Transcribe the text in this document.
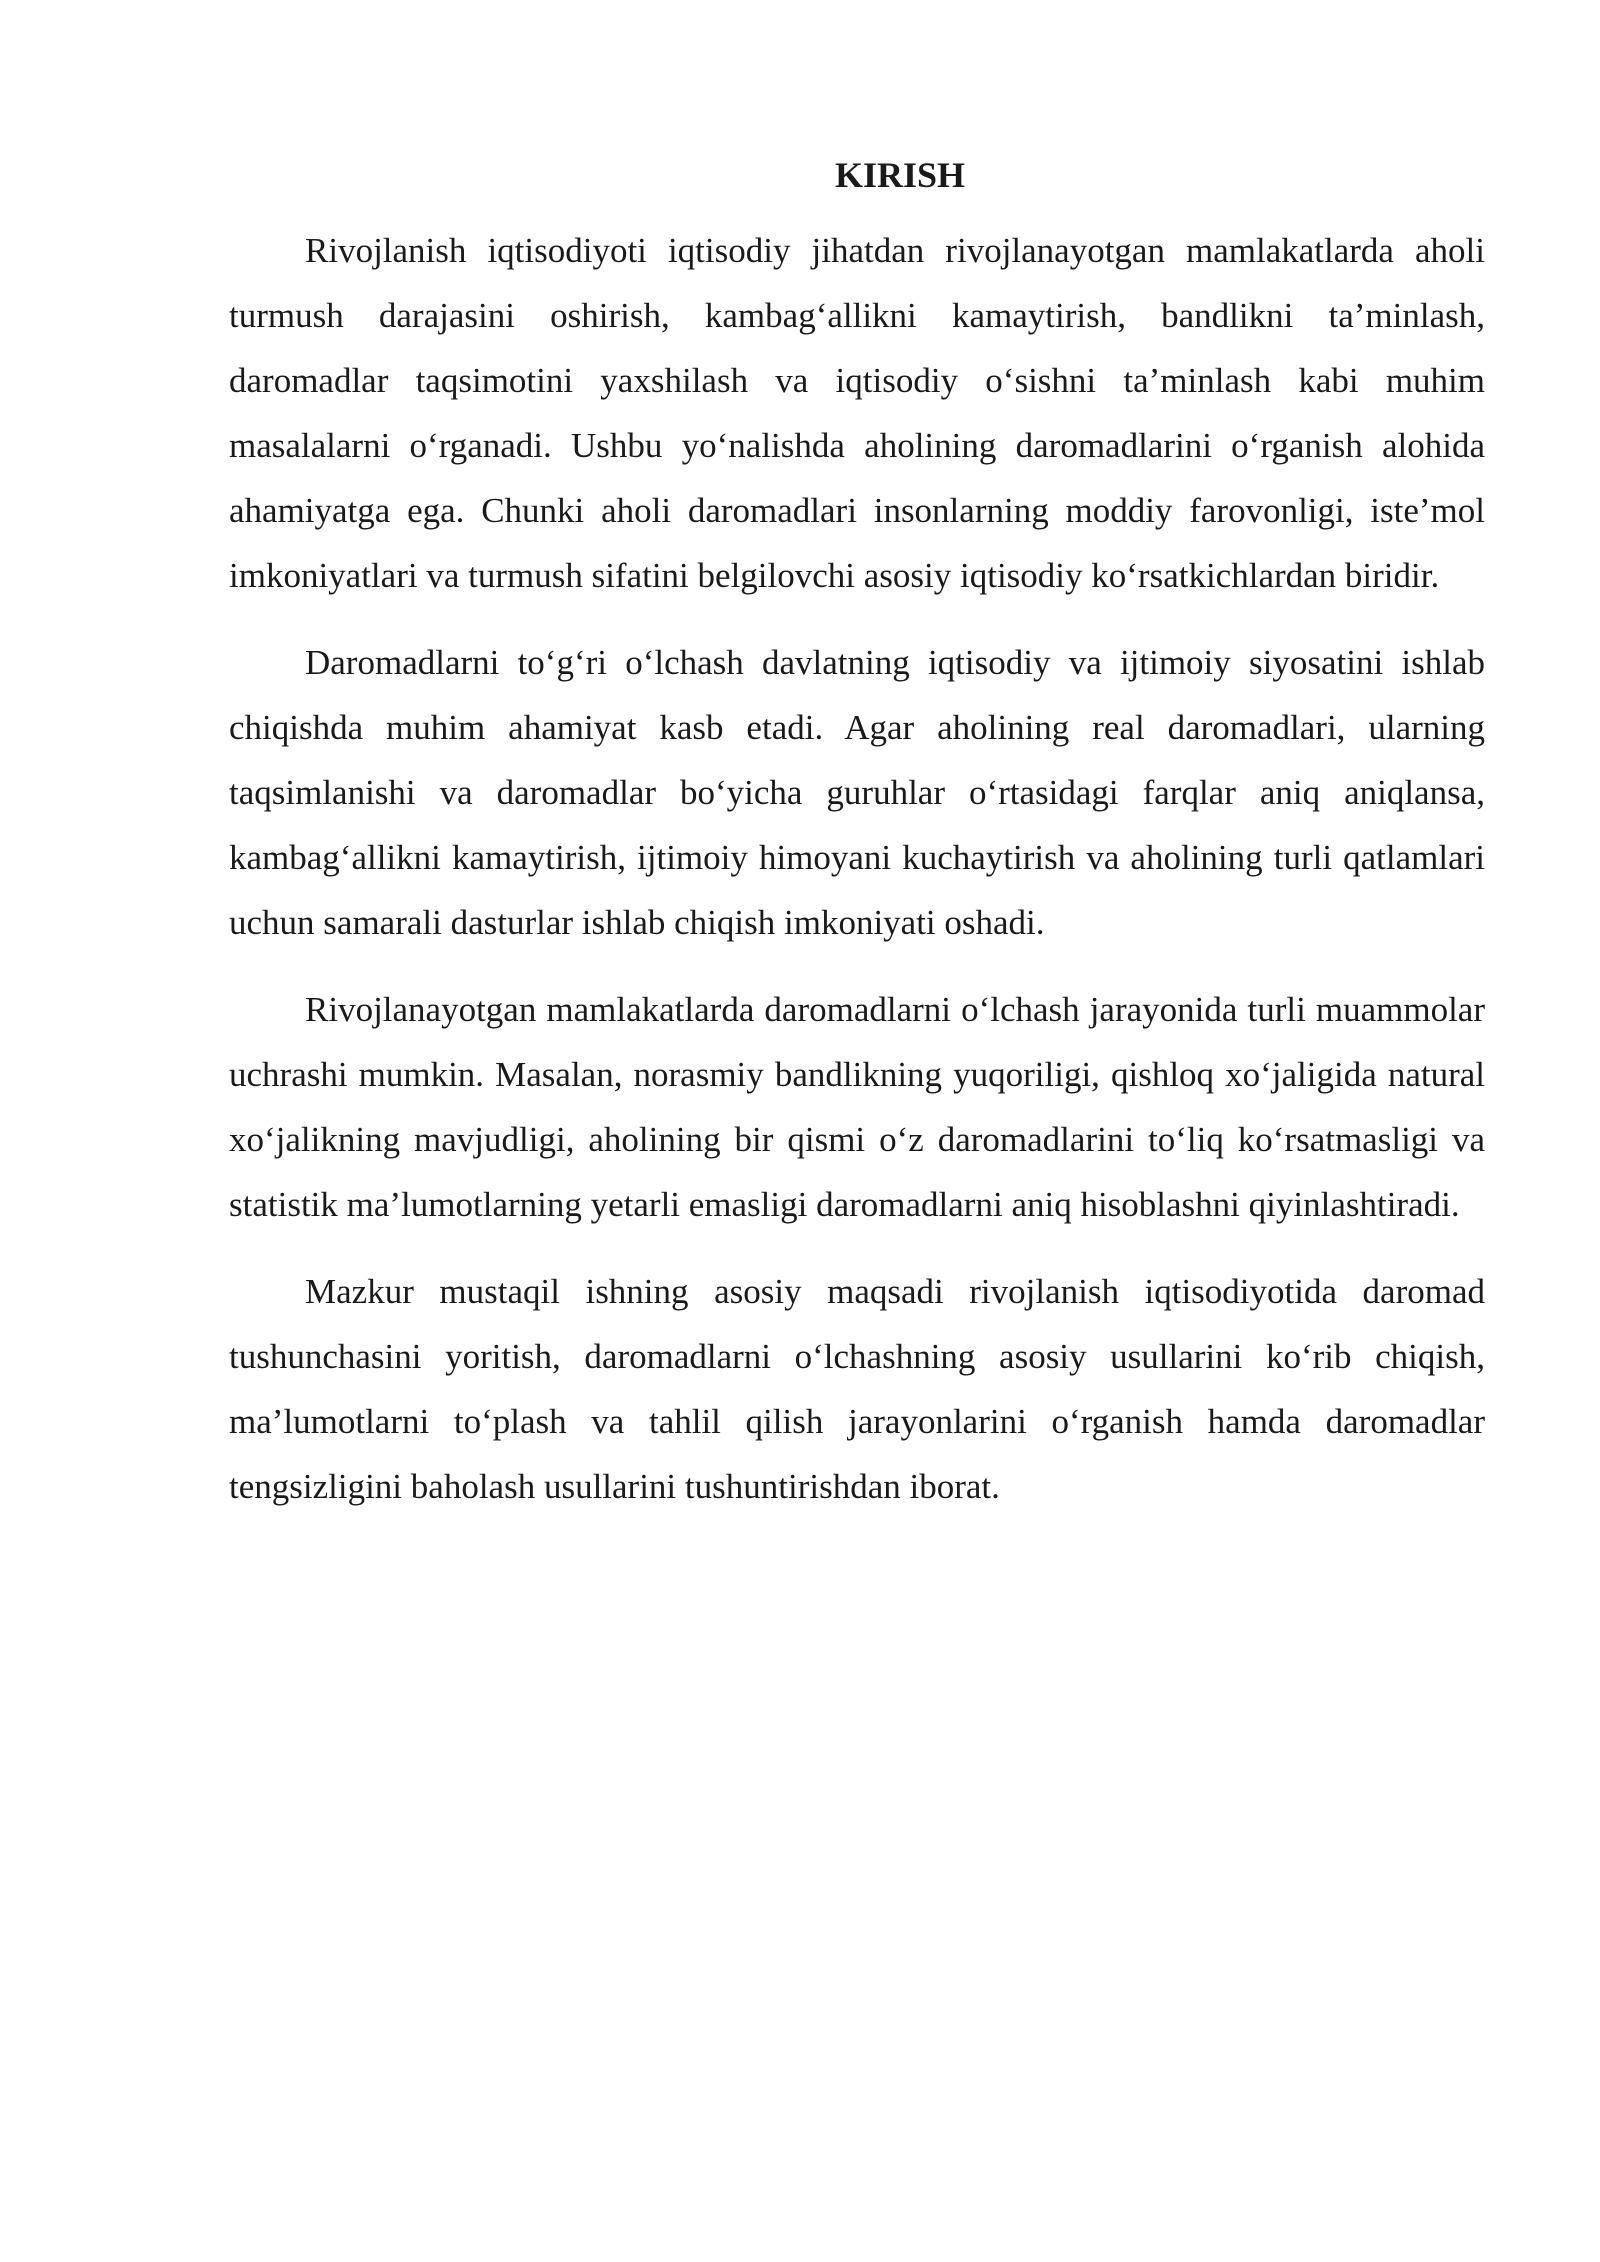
KIRISH

Rivojlanish iqtisodiyoti iqtisodiy jihatdan rivojlanayotgan mamlakatlarda aholi turmush darajasini oshirish, kambag‘allikni kamaytirish, bandlikni ta’minlash, daromadlar taqsimotini yaxshilash va iqtisodiy o‘sishni ta’minlash kabi muhim masalalarni o‘rganadi. Ushbu yo‘nalishda aholining daromadlarini o‘rganish alohida ahamiyatga ega. Chunki aholi daromadlari insonlarning moddiy farovonligi, iste’mol imkoniyatlari va turmush sifatini belgilovchi asosiy iqtisodiy ko‘rsatkichlardan biridir.

Daromadlarni to‘g‘ri o‘lchash davlatning iqtisodiy va ijtimoiy siyosatini ishlab chiqishda muhim ahamiyat kasb etadi. Agar aholining real daromadlari, ularning taqsimlanishi va daromadlar bo‘yicha guruhlar o‘rtasidagi farqlar aniq aniqlansa, kambag‘allikni kamaytirish, ijtimoiy himoyani kuchaytirish va aholining turli qatlamlari uchun samarali dasturlar ishlab chiqish imkoniyati oshadi.

Rivojlanayotgan mamlakatlarda daromadlarni o‘lchash jarayonida turli muammolar uchrashi mumkin. Masalan, norasmiy bandlikning yuqoriligi, qishloq xo‘jaligida natural xo‘jalikning mavjudligi, aholining bir qismi o‘z daromadlarini to‘liq ko‘rsatmasligi va statistik ma’lumotlarning yetarli emasligi daromadlarni aniq hisoblashni qiyinlashtiradi.

Mazkur mustaqil ishning asosiy maqsadi rivojlanish iqtisodiyotida daromad tushunchasini yoritish, daromadlarni o‘lchashning asosiy usullarini ko‘rib chiqish, ma’lumotlarni to‘plash va tahlil qilish jarayonlarini o‘rganish hamda daromadlar tengsizligini baholash usullarini tushuntirishdan iborat.
